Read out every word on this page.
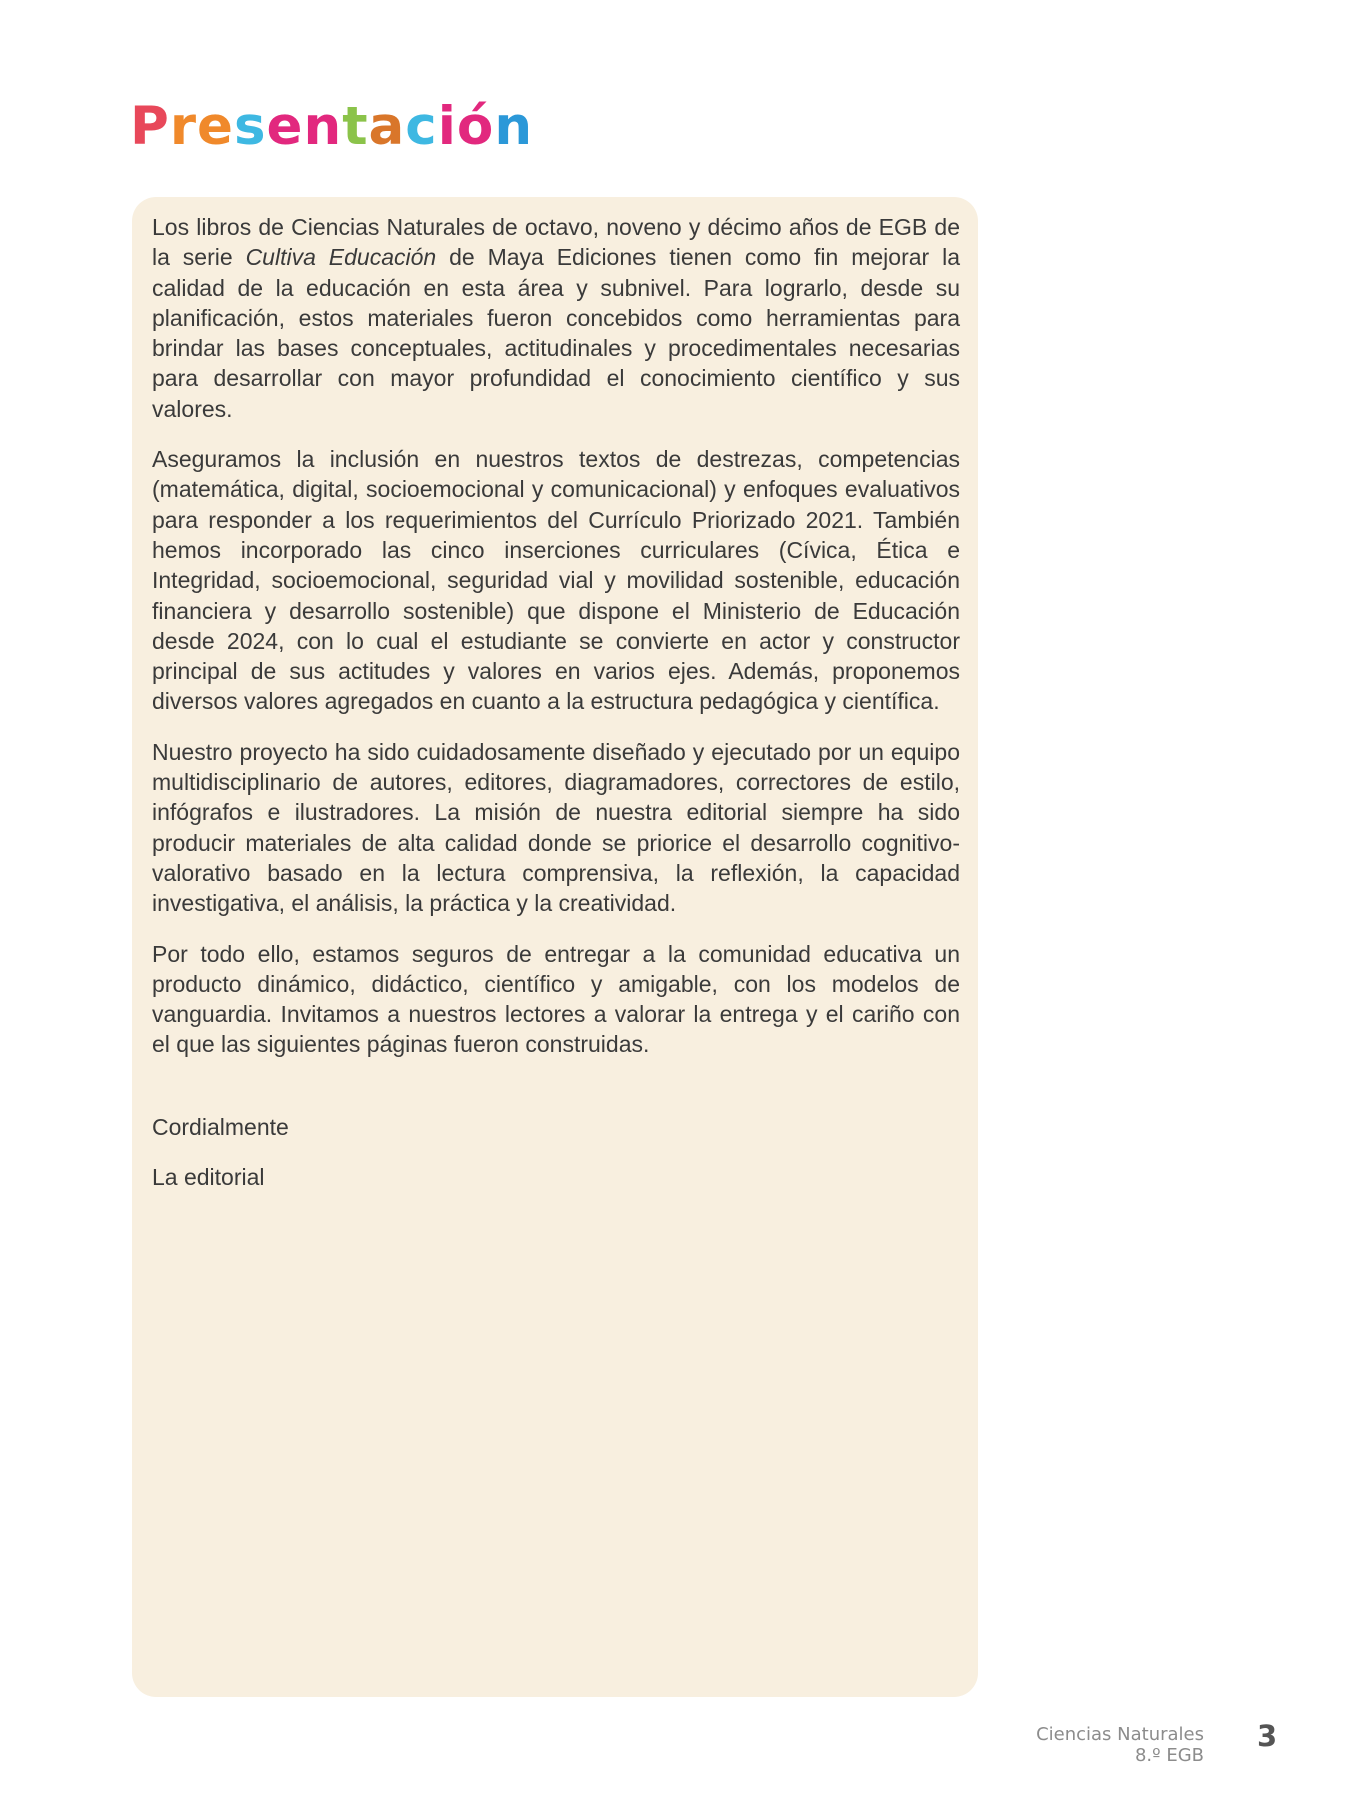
Presentación

Los libros de Ciencias Naturales de octavo, noveno y décimo años de EGB de la serie Cultiva Educación de Maya Ediciones tienen como fin mejorar la calidad de la educación en esta área y subnivel. Para lograrlo, desde su planificación, estos materiales fueron concebidos como herramientas para brindar las bases conceptuales, actitudinales y procedimentales necesarias para desarrollar con mayor profundidad el conocimiento científico y sus valores.

Aseguramos la inclusión en nuestros textos de destrezas, competencias (matemática, digital, socioemocional y comunicacional) y enfoques evaluativos para responder a los requerimientos del Currículo Priorizado 2021. También hemos incorporado las cinco inserciones curriculares (Cívica, Ética e Integridad, socioemocional, seguridad vial y movilidad sostenible, educación financiera y desarrollo sostenible) que dispone el Ministerio de Educación desde 2024, con lo cual el estudiante se convierte en actor y constructor principal de sus actitudes y valores en varios ejes. Además, proponemos diversos valores agregados en cuanto a la estructura pedagógica y científica.

Nuestro proyecto ha sido cuidadosamente diseñado y ejecutado por un equipo multidisciplinario de autores, editores, diagramadores, correctores de estilo, infógrafos e ilustradores. La misión de nuestra editorial siempre ha sido producir materiales de alta calidad donde se priorice el desarrollo cognitivo-valorativo basado en la lectura comprensiva, la reflexión, la capacidad investigativa, el análisis, la práctica y la creatividad.

Por todo ello, estamos seguros de entregar a la comunidad educativa un producto dinámico, didáctico, científico y amigable, con los modelos de vanguardia. Invitamos a nuestros lectores a valorar la entrega y el cariño con el que las siguientes páginas fueron construidas.

Cordialmente

La editorial

Ciencias Naturales
8.º EGB
3
